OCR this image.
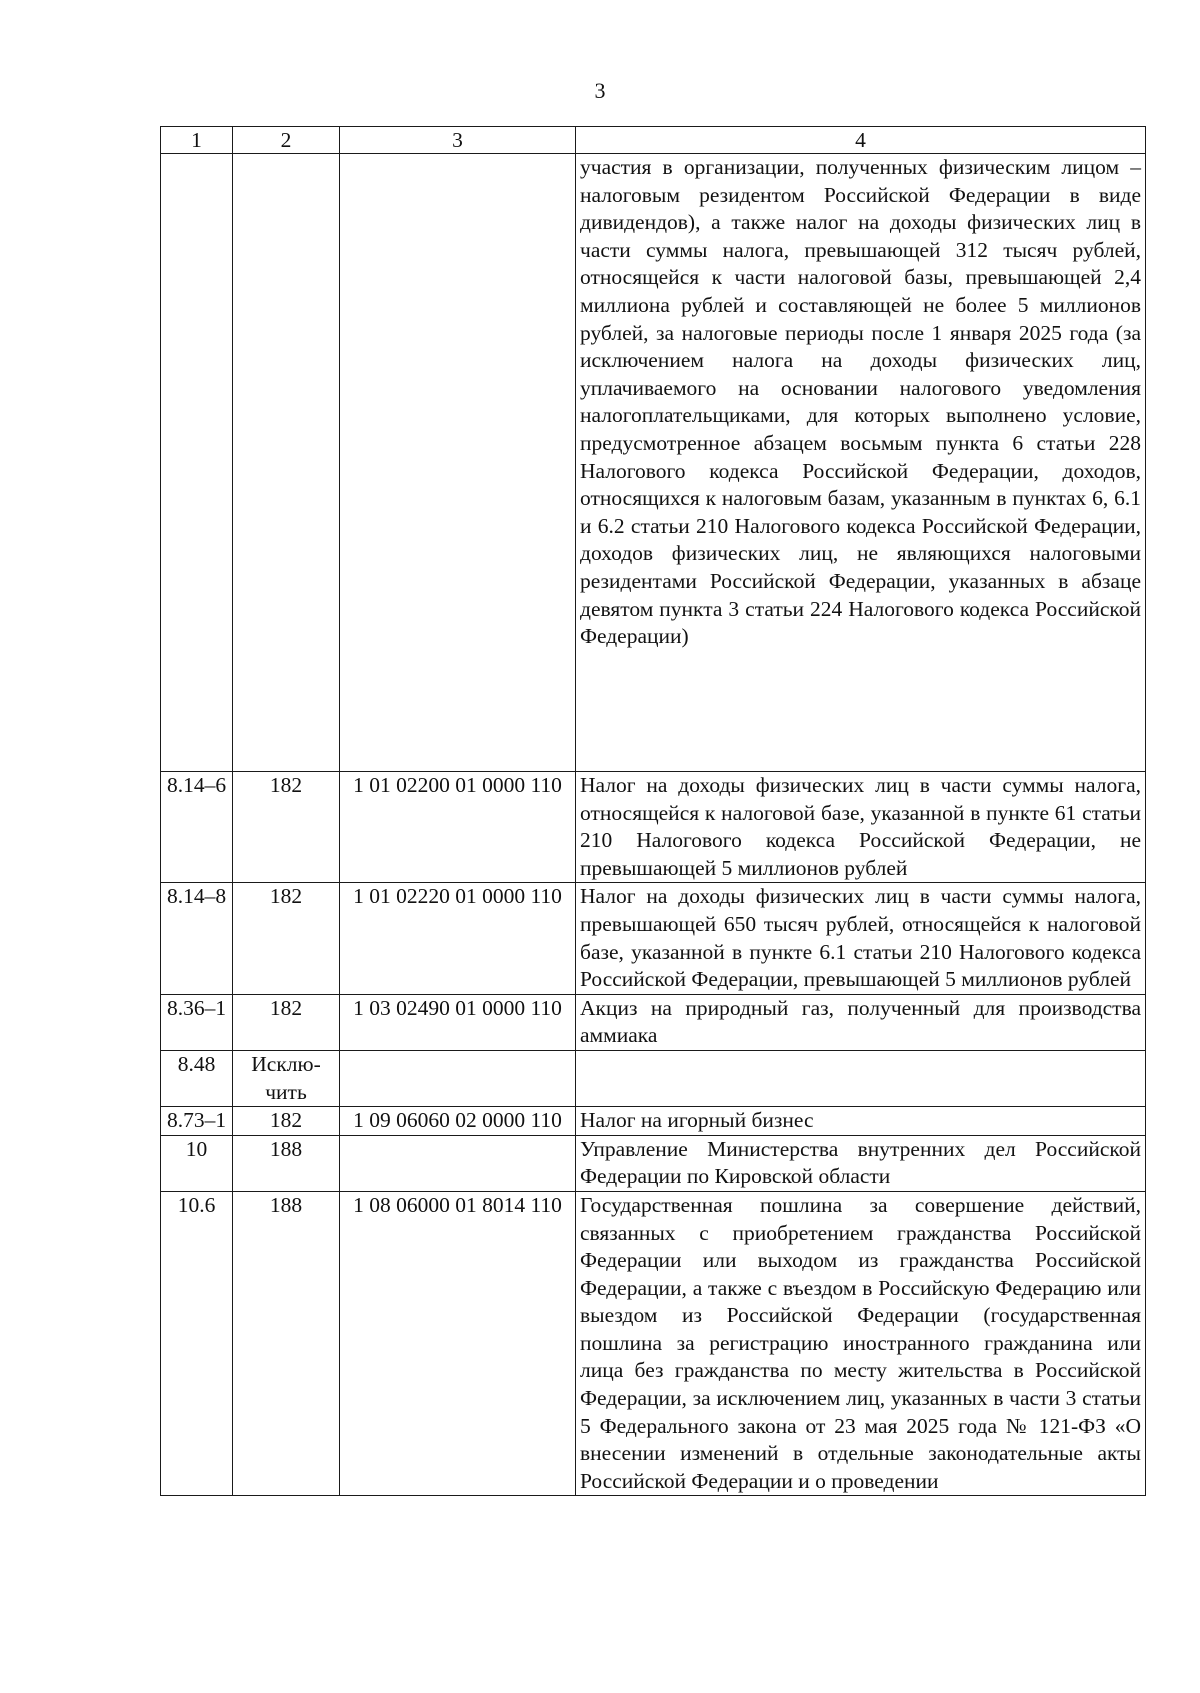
3
1	2	3	4
			участия в организации, полученных физическим лицом – налоговым резидентом Российской Федерации в виде дивидендов), а также налог на доходы физических лиц в части суммы налога, превышающей 312 тысяч рублей, относящейся к части налоговой базы, превышающей 2,4 миллиона рублей и составляющей не более 5 миллионов рублей, за налоговые периоды после 1 января 2025 года (за исключением налога на доходы физических лиц, уплачиваемого на основании налогового уведомления налогоплательщиками, для которых выполнено условие, предусмотренное абзацем восьмым пункта 6 статьи 228 Налогового кодекса Российской Федерации, доходов, относящихся к налоговым базам, указанным в пунктах 6, 6.1 и 6.2 статьи 210 Налогового кодекса Российской Федерации, доходов физических лиц, не являющихся налоговыми резидентами Российской Федерации, указанных в абзаце девятом пункта 3 статьи 224 Налогового кодекса Российской Федерации)
8.14–6	182	1 01 02200 01 0000 110	Налог на доходы физических лиц в части суммы налога, относящейся к налоговой базе, указанной в пункте 61 статьи 210 Налогового кодекса Российской Федерации, не превышающей 5 миллионов рублей
8.14–8	182	1 01 02220 01 0000 110	Налог на доходы физических лиц в части суммы налога, превышающей 650 тысяч рублей, относящейся к налоговой базе, указанной в пункте 6.1 статьи 210 Налогового кодекса Российской Федерации, превышающей 5 миллионов рублей
8.36–1	182	1 03 02490 01 0000 110	Акциз на природный газ, полученный для производства аммиака
8.48	Исклю-чить		
8.73–1	182	1 09 06060 02 0000 110	Налог на игорный бизнес
10	188		Управление Министерства внутренних дел Российской Федерации по Кировской области
10.6	188	1 08 06000 01 8014 110	Государственная пошлина за совершение действий, связанных с приобретением гражданства Российской Федерации или выходом из гражданства Российской Федерации, а также с въездом в Российскую Федерацию или выездом из Российской Федерации (государственная пошлина за регистрацию иностранного гражданина или лица без гражданства по месту жительства в Российской Федерации, за исключением лиц, указанных в части 3 статьи 5 Федерального закона от 23 мая 2025 года № 121-ФЗ «О внесении изменений в отдельные законодательные акты Российской Федерации и о проведении
